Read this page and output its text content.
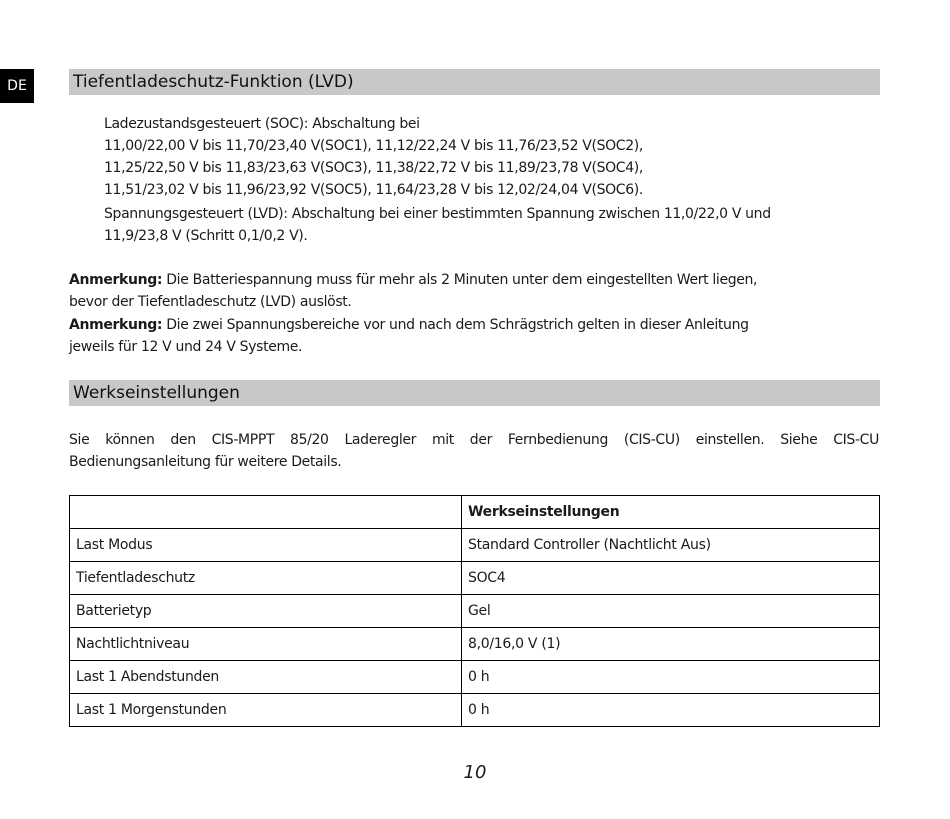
DE	Tiefentladeschutz-Funktion (LVD)
Ladezustandsgesteuert (SOC): Abschaltung bei
11,00/22,00 V bis 11,70/23,40 V(SOC1), 11,12/22,24 V bis 11,76/23,52 V(SOC2),
11,25/22,50 V bis 11,83/23,63 V(SOC3), 11,38/22,72 V bis 11,89/23,78 V(SOC4),
11,51/23,02 V bis 11,96/23,92 V(SOC5), 11,64/23,28 V bis 12,02/24,04 V(SOC6).
Spannungsgesteuert (LVD): Abschaltung bei einer bestimmten Spannung zwischen 11,0/22,0 V und
11,9/23,8 V (Schritt 0,1/0,2 V).
Anmerkung: Die Batteriespannung muss für mehr als 2 Minuten unter dem eingestellten Wert liegen,
bevor der Tiefentladeschutz (LVD) auslöst.
Anmerkung: Die zwei Spannungsbereiche vor und nach dem Schrägstrich gelten in dieser Anleitung
jeweils für 12 V und 24 V Systeme.
Werkseinstellungen
Sie können den CIS-MPPT 85/20 Laderegler mit der Fernbedienung (CIS-CU) einstellen. Siehe CIS-CU
Bedienungsanleitung für weitere Details.
	Werkseinstellungen
Last Modus	Standard Controller (Nachtlicht Aus)
Tiefentladeschutz	SOC4
Batterietyp	Gel
Nachtlichtniveau	8,0/16,0 V (1)
Last 1 Abendstunden	0 h
Last 1 Morgenstunden	0 h
10
